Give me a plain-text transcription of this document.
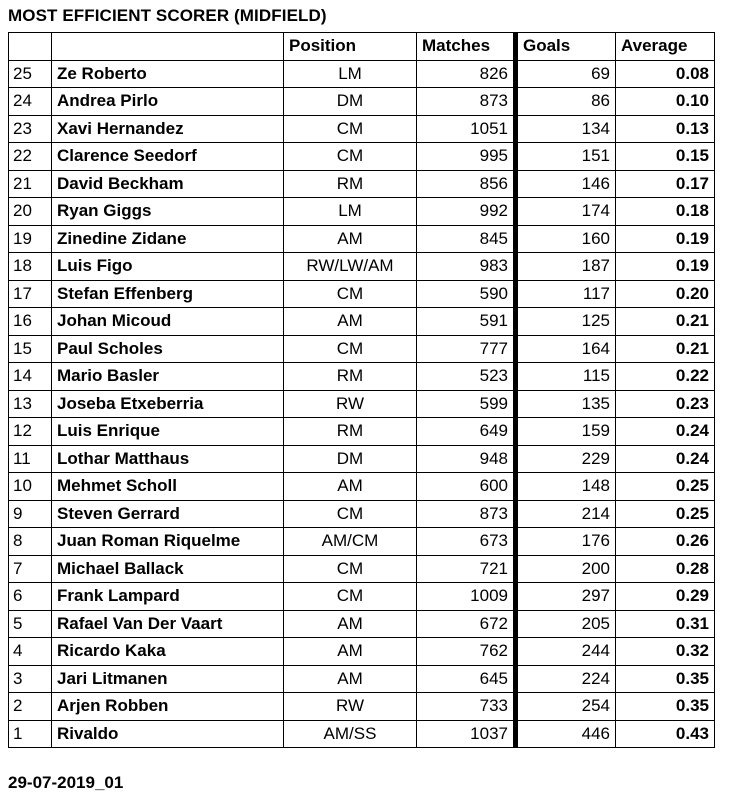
MOST EFFICIENT SCORER (MIDFIELD)
		Position	Matches	Goals	Average
25	Ze Roberto	LM	826	69	0.08
24	Andrea Pirlo	DM	873	86	0.10
23	Xavi Hernandez	CM	1051	134	0.13
22	Clarence Seedorf	CM	995	151	0.15
21	David Beckham	RM	856	146	0.17
20	Ryan Giggs	LM	992	174	0.18
19	Zinedine Zidane	AM	845	160	0.19
18	Luis Figo	RW/LW/AM	983	187	0.19
17	Stefan Effenberg	CM	590	117	0.20
16	Johan Micoud	AM	591	125	0.21
15	Paul Scholes	CM	777	164	0.21
14	Mario Basler	RM	523	115	0.22
13	Joseba Etxeberria	RW	599	135	0.23
12	Luis Enrique	RM	649	159	0.24
11	Lothar Matthaus	DM	948	229	0.24
10	Mehmet Scholl	AM	600	148	0.25
9	Steven Gerrard	CM	873	214	0.25
8	Juan Roman Riquelme	AM/CM	673	176	0.26
7	Michael Ballack	CM	721	200	0.28
6	Frank Lampard	CM	1009	297	0.29
5	Rafael Van Der Vaart	AM	672	205	0.31
4	Ricardo Kaka	AM	762	244	0.32
3	Jari Litmanen	AM	645	224	0.35
2	Arjen Robben	RW	733	254	0.35
1	Rivaldo	AM/SS	1037	446	0.43
29-07-2019_01
